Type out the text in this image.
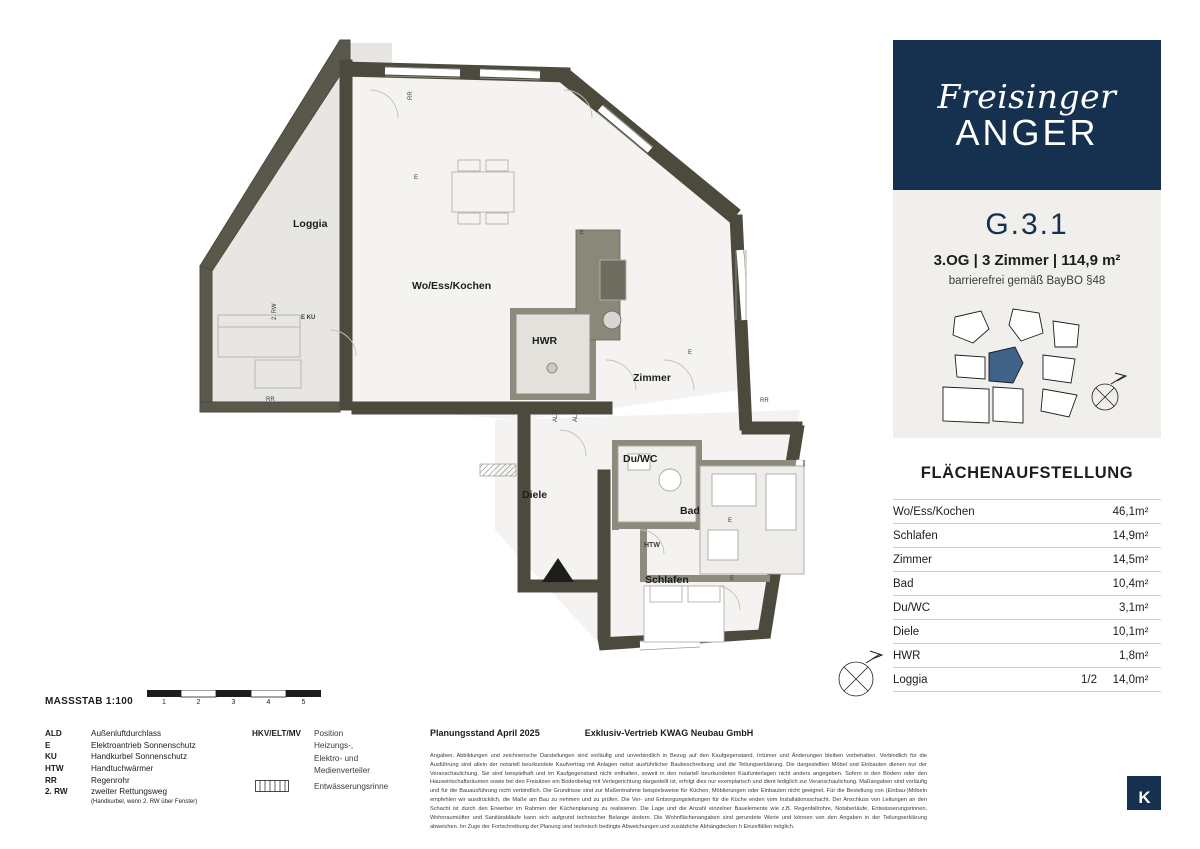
Loggia
Wo/Ess/Kochen
HWR
Zimmer
Du/WC
Diele
Bad
Schlafen
2. RW
RR
RR
RR
E KU
HTW
ALD ALD
E
E
E
E
E
MASSSTAB 1:100	1	2	3	4	5
ALD	Außenluftdurchlass
E	Elektroantrieb Sonnenschutz
KU	Handkurbel Sonnenschutz
HTW	Handtuchwärmer
RR	Regenrohr
2. RW	zweiter Rettungsweg
	(Handkurbel, wenn 2. RW über Fenster)
HKV/ELT/MV Position Heizungs-, Elektro- und Medienverteiler
Entwässerungsrinne
Planungsstand April 2025	Exklusiv-Vertrieb KWAG Neubau GmbH
Angaben, Abbildungen und zeichnerische Darstellungen sind vorläufig und unverbindlich in Bezug auf den Kaufgegenstand. Irrtümer und Änderungen bleiben vorbehalten. Verbindlich für die Ausführung sind allein der notariell beurkundete Kaufvertrag mit Anlagen nebst ausführlicher Baubeschreibung und die Teilungserklärung. Die dargestellten Möbel und Einbauten dienen nur der Veranschaulichung. Sie sind beispielhaft und im Kaufgegenstand nicht enthalten, soweit in den notariell beurkundeten Kaufunterlagen nicht anders angegeben. Sofern in den Bödern oder den Hauswirtschaftsräumen sowie bei den Freisitzen ein Bodenbelag mit Verlegerichtung dargestellt ist, erfolgt dies nur exemplarisch und dient lediglich zur Veranschaulichung. Maßangaben sind vorläufig und für die Bauausführung nicht verbindlich. Die Grundrisse sind zur Maßentnahme beispielsweise für Küchen, Möblierungen oder Einbauten nicht geeignet. Für die Bestellung von (Einbau-)Möbeln empfehlen wir ausdrücklich, die Maße am Bau zu nehmen und zu prüfen. Die Ver- und Entsorgungsleitungen für die Küche enden vom Installationsschacht. Der Anschluss von Leitungen an den Schacht ist durch den Erwerber im Rahmen der Küchenplanung zu realisieren. Die Lage und die Anzahl einzelner Bauelemente wie z.B. Regenfallrohre, Notaberläufe, Entwässerungsrinnen, Wohnraumiüfter und Sanitärabläufe kann sich aufgrund technischer Belange ändern. Die Wohnflächenangaben sind gerundete Werte und können von den Angaben in der Teilungserklärung abweichen. Im Zuge der Fortschreibung der Planung sind technisch bedingte Abweichungen und zusätzliche Abhängdecken h Einzelfällen möglich.
Freisinger
ANGER
G.3.1
3.OG | 3 Zimmer | 114,9 m²
barrierefrei gemäß BayBO §48
FLÄCHENAUFSTELLUNG
Wo/Ess/Kochen		46,1	m²
Schlafen		14,9	m²
Zimmer		14,5	m²
Bad		10,4	m²
Du/WC		3,1	m²
Diele		10,1	m²
HWR		1,8	m²
Loggia	1/2	14,0	m²
K
